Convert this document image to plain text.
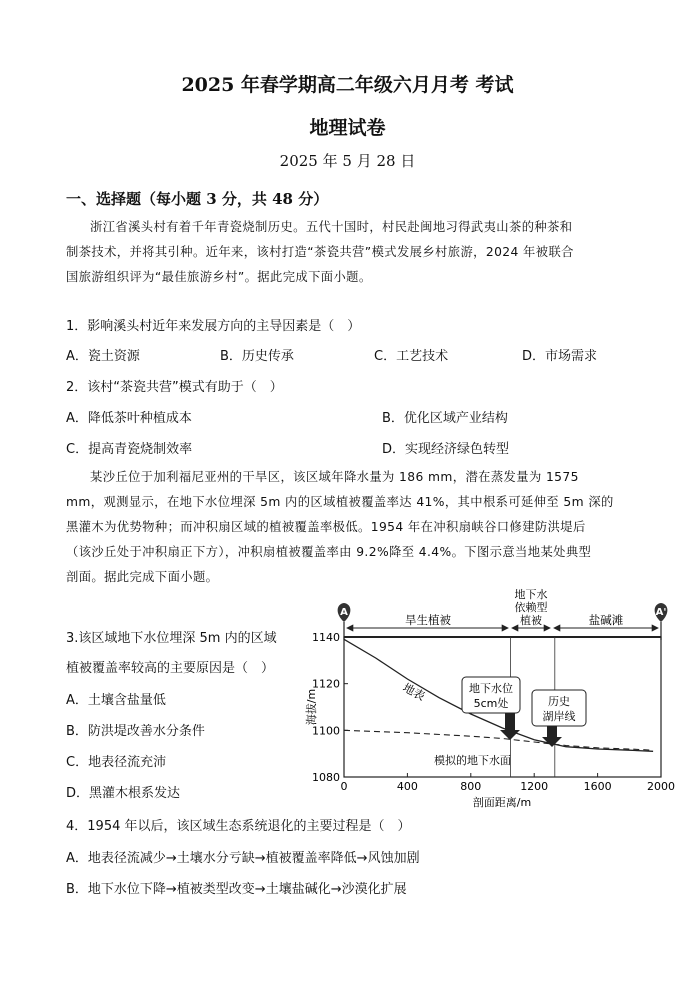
2025 年春学期高二年级六月月考 考试
地理试卷
2025 年 5 月 28 日
一、选择题（每小题 3 分，共 48 分）
浙江省溪头村有着千年青瓷烧制历史。五代十国时，村民赴闽地习得武夷山茶的种茶和
制茶技术，并将其引种。近年来，该村打造“茶瓷共营”模式发展乡村旅游，2024 年被联合
国旅游组织评为“最佳旅游乡村”。据此完成下面小题。
1．影响溪头村近年来发展方向的主导因素是（　）
A．瓷土资源	B．历史传承	C．工艺技术	D．市场需求
2．该村“茶瓷共营”模式有助于（　）
A．降低茶叶种植成本	B．优化区域产业结构
C．提高青瓷烧制效率	D．实现经济绿色转型
某沙丘位于加利福尼亚州的干旱区，该区域年降水量为 186 mm，潜在蒸发量为 1575
mm，观测显示，在地下水位埋深 5m 内的区域植被覆盖率达 41%，其中根系可延伸至 5m 深的
黑灌木为优势物种；而冲积扇区域的植被覆盖率极低。1954 年在冲积扇峡谷口修建防洪堤后
（该沙丘处于冲积扇正下方），冲积扇植被覆盖率由 9.2%降至 4.4%。下图示意当地某处典型
剖面。据此完成下面小题。
3.该区域地下水位埋深 5m 内的区域
植被覆盖率较高的主要原因是（　）
A．土壤含盐量低
B．防洪堤改善水分条件
C．地表径流充沛
D．黑灌木根系发达
A	A'
旱生植被
地下水
依赖型
植被	盐碱滩
1080
1100
1120
1140
0	400	800	1200	1600	2000
地表
模拟的地下水面
地下水位
5cm处	历史
湖岸线
海拔/m
剖面距离/m
4．1954 年以后，该区域生态系统退化的主要过程是（　）
A．地表径流减少→土壤水分亏缺→植被覆盖率降低→风蚀加剧
B．地下水位下降→植被类型改变→土壤盐碱化→沙漠化扩展
